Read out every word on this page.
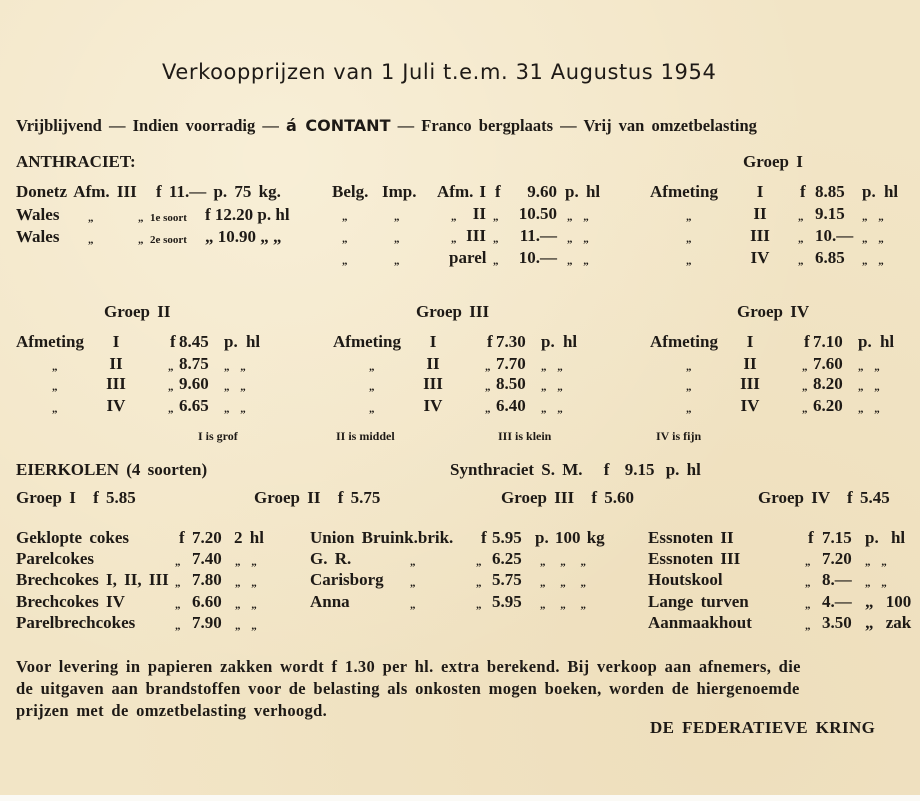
Verkoopprijzen van 1 Juli t.e.m. 31 Augustus 1954
Vrijblijvend — Indien voorradig — á CONTANT — Franco bergplaats — Vrij van omzetbelasting
ANTHRACIET:
Donetz Afm. III f 11.— p. 75 kg.
Wales	„	„ 1e soort f 12.20 p. hl
Wales	„	„ 2e soort „ 10.90 „ „
Belg. Imp. Afm. I f	9.60 p. hl
„	„	„ II „	10.50 „ „
„	„	„ III „	11.— „ „
„	„	parel „	10.— „ „
Groep I
Afmeting	I	f 8.85 p. hl
„	II	„ 9.15 „ „
„	III	„ 10.— „ „
„	IV	„ 6.85 „ „
Groep II
Afmeting	I	f 8.45 p. hl
„	II	„ 8.75 „ „
„	III	„ 9.60 „ „
„	IV	„ 6.65 „ „
Groep III
Afmeting	I	f 7.30 p. hl
„	II	„ 7.70 „ „
„	III	„ 8.50 „ „
„	IV	„ 6.40 „ „
Groep IV
Afmeting	I	f 7.10 p. hl
„	II	„ 7.60 „ „
„	III	„ 8.20 „ „
„	IV	„ 6.20 „ „
I is grof	II is middel	III is klein	IV is fijn
EIERKOLEN (4 soorten)	Synthraciet S. M. f 9.15 p. hl
Groep I f 5.85	Groep II f 5.75	Groep III f 5.60	Groep IV f 5.45
Geklopte cokes	f 7.20 2 hl
Parelcokes	„ 7.40 „ „
Brechcokes I, II, III „ 7.80 „ „
Brechcokes IV	„ 6.60 „ „
Parelbrechcokes	„ 7.90 „ „
Union Bruink.brik. f 5.95 p. 100 kg
G. R.	„	„ 6.25 „ „ „
Carisborg „	„ 5.75 „ „ „
Anna	„	„ 5.95 „ „ „
Essnoten II	f 7.15 p. hl
Essnoten III	„ 7.20 „ „
Houtskool	„ 8.— „ „
Lange turven	„ 4.— „ 100
Aanmaakhout	„ 3.50 „ zak
Voor levering in papieren zakken wordt f 1.30 per hl. extra berekend. Bij verkoop aan afnemers, die
de uitgaven aan brandstoffen voor de belasting als onkosten mogen boeken, worden de hiergenoemde
prijzen met de omzetbelasting verhoogd.
DE FEDERATIEVE KRING
